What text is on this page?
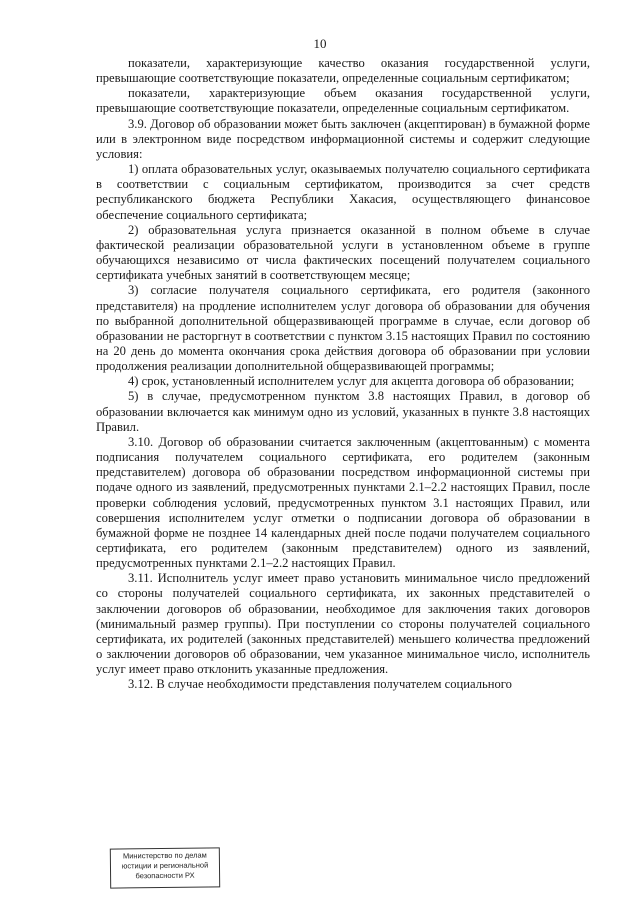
10

показатели, характеризующие качество оказания государственной услуги, превышающие соответствующие показатели, определенные социальным сертификатом;

показатели, характеризующие объем оказания государственной услуги, превышающие соответствующие показатели, определенные социальным сертификатом.

3.9. Договор об образовании может быть заключен (акцептирован) в бумажной форме или в электронном виде посредством информационной системы и содержит следующие условия:

1) оплата образовательных услуг, оказываемых получателю социального сертификата в соответствии с социальным сертификатом, производится за счет средств республиканского бюджета Республики Хакасия, осуществляющего финансовое обеспечение социального сертификата;

2) образовательная услуга признается оказанной в полном объеме в случае фактической реализации образовательной услуги в установленном объеме в группе обучающихся независимо от числа фактических посещений получателем социального сертификата учебных занятий в соответствующем месяце;

3) согласие получателя социального сертификата, его родителя (законного представителя) на продление исполнителем услуг договора об образовании для обучения по выбранной дополнительной общеразвивающей программе в случае, если договор об образовании не расторгнут в соответствии с пунктом 3.15 настоящих Правил по состоянию на 20 день до момента окончания срока действия договора об образовании при условии продолжения реализации дополнительной общеразвивающей программы;

4) срок, установленный исполнителем услуг для акцепта договора об образовании;

5) в случае, предусмотренном пунктом 3.8 настоящих Правил, в договор об образовании включается как минимум одно из условий, указанных в пункте 3.8 настоящих Правил.

3.10. Договор об образовании считается заключенным (акцептованным) с момента подписания получателем социального сертификата, его родителем (законным представителем) договора об образовании посредством информационной системы при подаче одного из заявлений, предусмотренных пунктами 2.1–2.2 настоящих Правил, после проверки соблюдения условий, предусмотренных пунктом 3.1 настоящих Правил, или совершения исполнителем услуг отметки о подписании договора об образовании в бумажной форме не позднее 14 календарных дней после подачи получателем социального сертификата, его родителем (законным представителем) одного из заявлений, предусмотренных пунктами 2.1–2.2 настоящих Правил.

3.11. Исполнитель услуг имеет право установить минимальное число предложений со стороны получателей социального сертификата, их законных представителей о заключении договоров об образовании, необходимое для заключения таких договоров (минимальный размер группы). При поступлении со стороны получателей социального сертификата, их родителей (законных представителей) меньшего количества предложений о заключении договоров об образовании, чем указанное минимальное число, исполнитель услуг имеет право отклонить указанные предложения.

3.12. В случае необходимости представления получателем социального

Министерство по делам
юстиции и региональной
безопасности РХ
